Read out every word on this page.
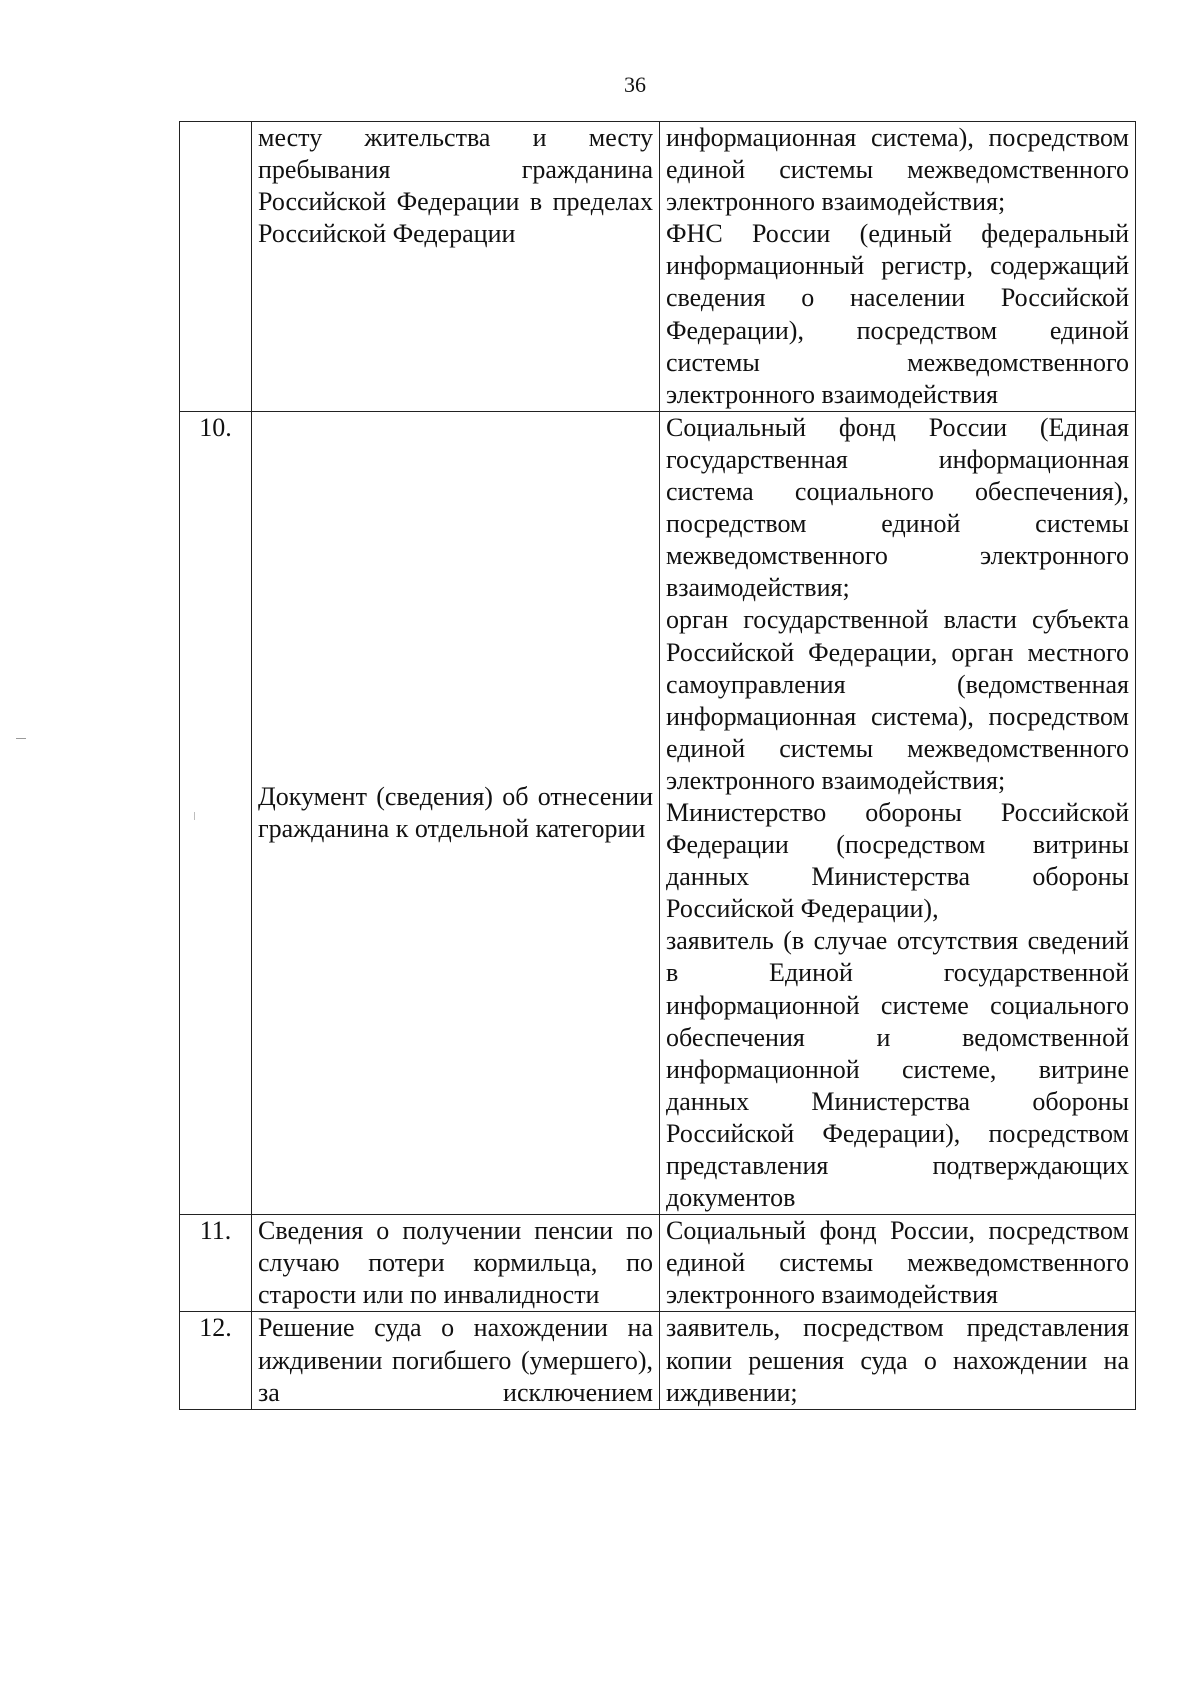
36

	месту жительства и месту пребывания гражданина Российской Федерации в пределах Российской Федерации	информационная система), посредством единой системы межведомственного электронного взаимодействия;
ФНС России (единый федеральный информационный регистр, содержащий сведения о населении Российской Федерации), посредством единой системы межведомственного электронного взаимодействия

10.	Документ (сведения) об отнесении гражданина к отдельной категории	Социальный фонд России (Единая государственная информационная система социального обеспечения), посредством единой системы межведомственного электронного взаимодействия;
орган государственной власти субъекта Российской Федерации, орган местного самоуправления (ведомственная информационная система), посредством единой системы межведомственного электронного взаимодействия;
Министерство обороны Российской Федерации (посредством витрины данных Министерства обороны Российской Федерации),
заявитель (в случае отсутствия сведений в Единой государственной информационной системе социального обеспечения и ведомственной информационной системе, витрине данных Министерства обороны Российской Федерации), посредством представления подтверждающих документов

11.	Сведения о получении пенсии по случаю потери кормильца, по старости или по инвалидности	Социальный фонд России, посредством единой системы межведомственного электронного взаимодействия

12.	Решение суда о нахождении на иждивении погибшего (умершего), за исключением	заявитель, посредством представления копии решения суда о нахождении на иждивении;
